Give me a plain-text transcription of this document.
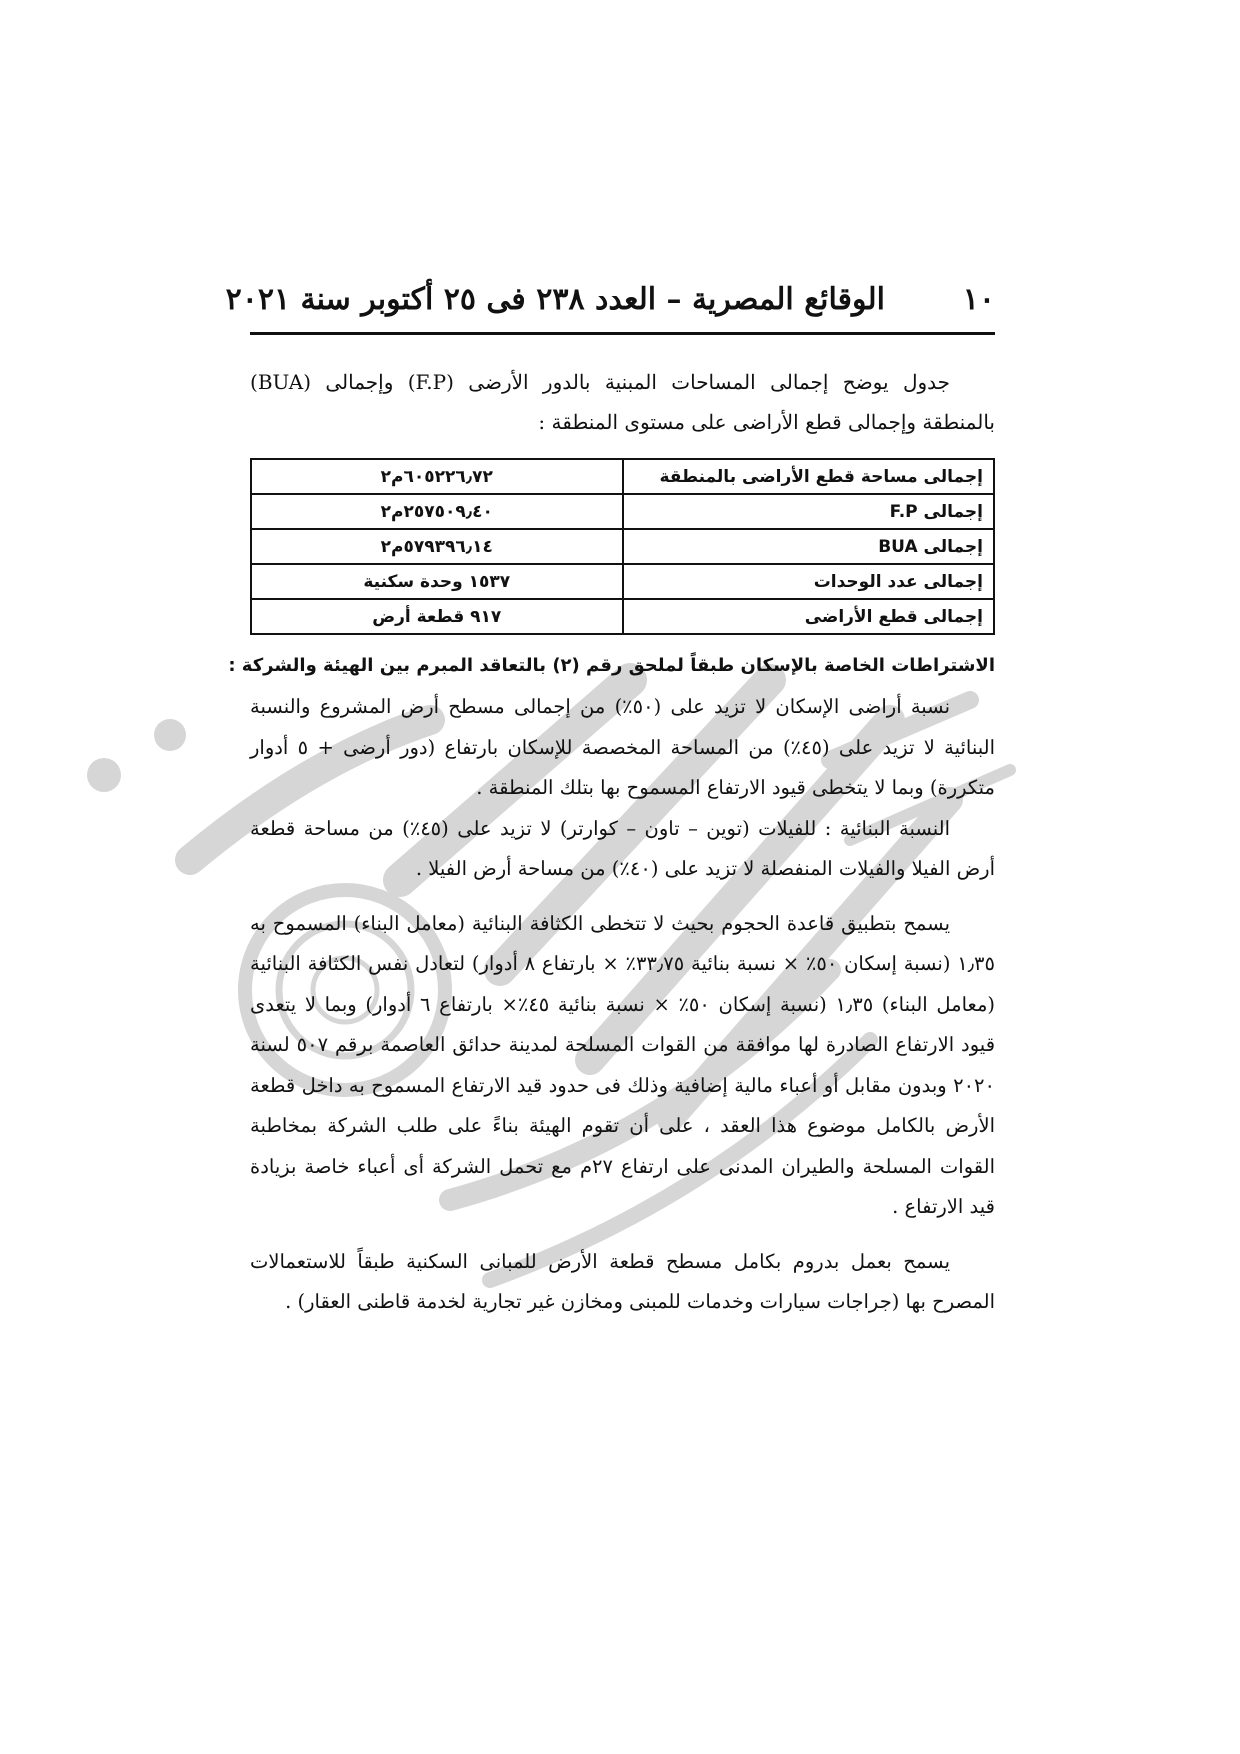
١٠
الوقائع المصرية – العدد ٢٣٨ فى ٢٥ أكتوبر سنة ٢٠٢١

جدول يوضح إجمالى المساحات المبنية بالدور الأرضى (F.P) وإجمالى (BUA) بالمنطقة وإجمالى قطع الأراضى على مستوى المنطقة :

إجمالى مساحة قطع الأراضى بالمنطقة	٦٠٥٢٢٦٫٧٢م٢
إجمالى F.P	٢٥٧٥٠٩٫٤٠م٢
إجمالى BUA	٥٧٩٣٩٦٫١٤م٢
إجمالى عدد الوحدات	١٥٣٧ وحدة سكنية
إجمالى قطع الأراضى	٩١٧ قطعة أرض
الاشتراطات الخاصة بالإسكان طبقاً لملحق رقم (٢) بالتعاقد المبرم بين الهيئة والشركة :

نسبة أراضى الإسكان لا تزيد على (٥٠٪) من إجمالى مسطح أرض المشروع والنسبة البنائية لا تزيد على (٤٥٪) من المساحة المخصصة للإسكان بارتفاع (دور أرضى + ٥ أدوار متكررة) وبما لا يتخطى قيود الارتفاع المسموح بها بتلك المنطقة .

النسبة البنائية : للفيلات (توين – تاون – كوارتر) لا تزيد على (٤٥٪) من مساحة قطعة أرض الفيلا والفيلات المنفصلة لا تزيد على (٤٠٪) من مساحة أرض الفيلا .

يسمح بتطبيق قاعدة الحجوم بحيث لا تتخطى الكثافة البنائية (معامل البناء) المسموح به ١٫٣٥ (نسبة إسكان ٥٠٪ × نسبة بنائية ٣٣٫٧٥٪ × بارتفاع ٨ أدوار) لتعادل نفس الكثافة البنائية (معامل البناء) ١٫٣٥ (نسبة إسكان ٥٠٪ × نسبة بنائية ٤٥٪× بارتفاع ٦ أدوار) وبما لا يتعدى قيود الارتفاع الصادرة لها موافقة من القوات المسلحة لمدينة حدائق العاصمة برقم ٥٠٧ لسنة ٢٠٢٠ وبدون مقابل أو أعباء مالية إضافية وذلك فى حدود قيد الارتفاع المسموح به داخل قطعة الأرض بالكامل موضوع هذا العقد ، على أن تقوم الهيئة بناءً على طلب الشركة بمخاطبة القوات المسلحة والطيران المدنى على ارتفاع ٢٧م مع تحمل الشركة أى أعباء خاصة بزيادة قيد الارتفاع .

يسمح بعمل بدروم بكامل مسطح قطعة الأرض للمبانى السكنية طبقاً للاستعمالات المصرح بها (جراجات سيارات وخدمات للمبنى ومخازن غير تجارية لخدمة قاطنى العقار) .
